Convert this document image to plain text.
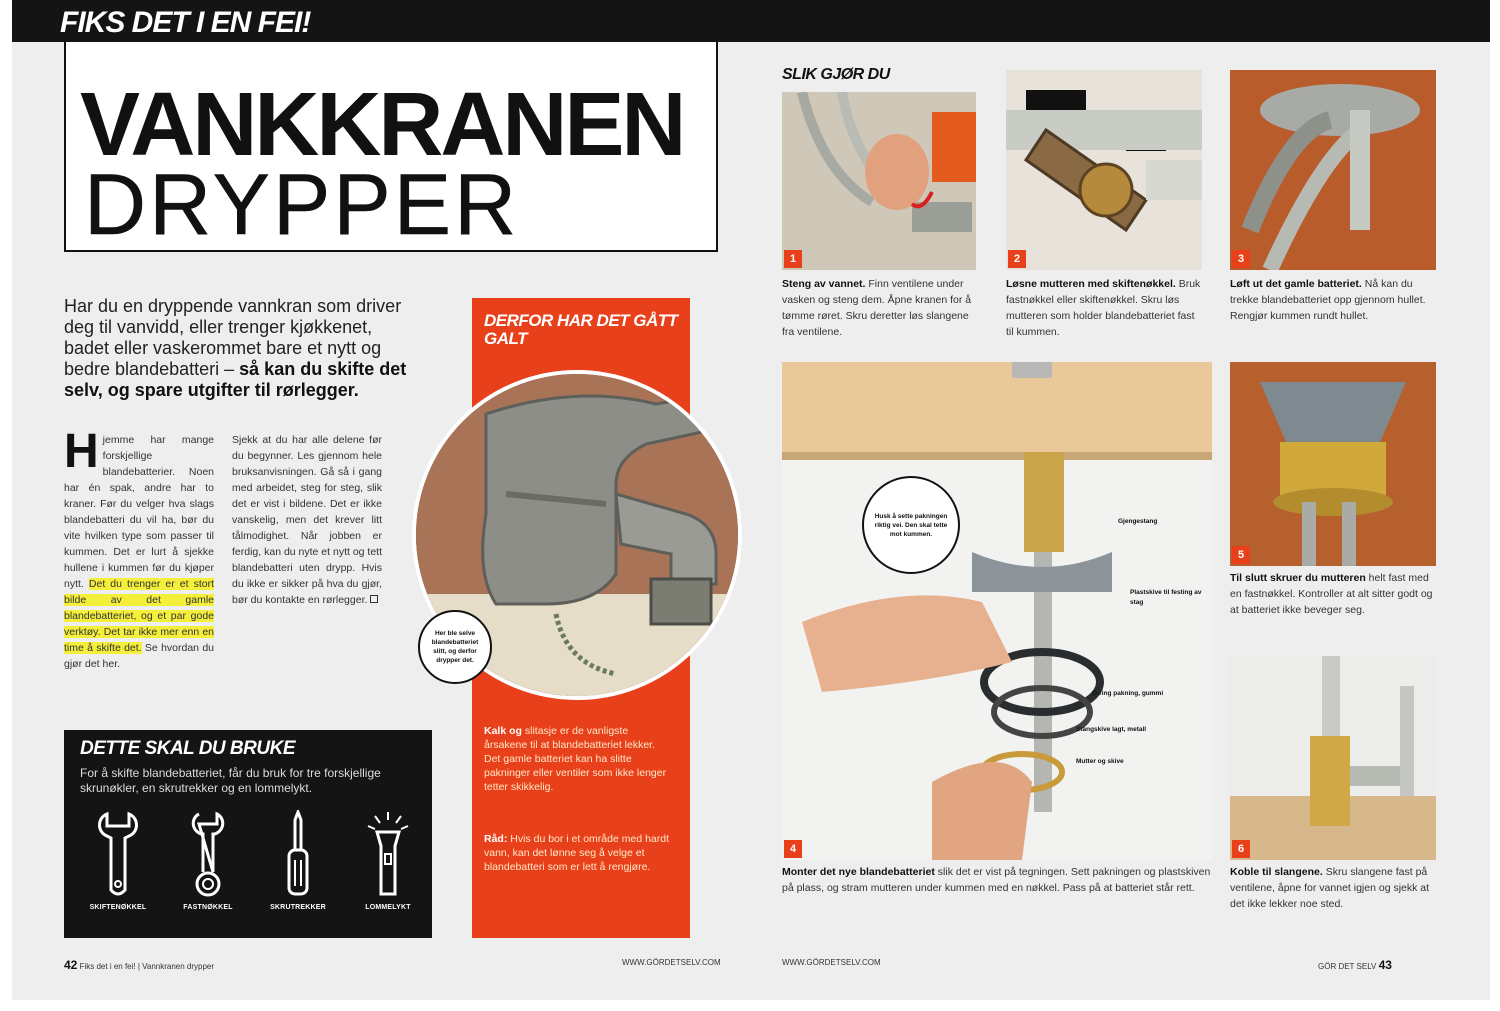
FIKS DET I EN FEI!
VANKKRANEN
DRYPPER
Har du en dryppende vannkran som driver deg til vanvidd, eller trenger kjøkkenet, badet eller vaskerommet bare et nytt og bedre blandebatteri – så kan du skifte det selv, og spare utgifter til rørlegger.
H jemme har mange forskjellige blandebatterier. Noen har én spak, andre har to kraner. Før du velger hva slags blandebatteri du vil ha, bør du vite hvilken type som passer til kummen. Det er lurt å sjekke hullene i kummen før du kjøper nytt. Det du trenger er et stort bilde av det gamle blandebatteriet, og et par gode verktøy. Det tar ikke mer enn en time å skifte det. Se hvordan du gjør det her.
Sjekk at du har alle delene før du begynner. Les gjennom hele bruksanvisningen. Gå så i gang med arbeidet, steg for steg, slik det er vist i bildene. Det er ikke vanskelig, men det krever litt tålmodighet. Når jobben er ferdig, kan du nyte et nytt og tett blandebatteri uten drypp. Hvis du ikke er sikker på hva du gjør, bør du kontakte en rørlegger.
DETTE SKAL DU BRUKE

For å skifte blandebatteriet, får du bruk for tre forskjellige skrunøkler, en skrutrekker og en lommelykt.

SKIFTENØKKEL	FASTNØKKEL	SKRUTREKKER	LOMMELYKT
DERFOR HAR DET GÅTT GALT
Her ble selve blandebatteriet slitt, og derfor drypper det.
Kalk og slitasje er de vanligste årsakene til at blandebatteriet lekker. Det gamle batteriet kan ha slitte pakninger eller ventiler som ikke lenger tetter skikkelig.
Råd: Hvis du bor i et område med hardt vann, kan det lønne seg å velge et blandebatteri som er lett å rengjøre.
SLIK GJØR DU
1
Steng av vannet. Finn ventilene under vasken og steng dem. Åpne kranen for å tømme røret. Skru deretter løs slangene fra ventilene.
2
Løsne mutteren med skiftenøkkel. Bruk fastnøkkel eller skiftenøkkel. Skru løs mutteren som holder blandebatteriet fast til kummen.
3
Løft ut det gamle batteriet. Nå kan du trekke blandebatteriet opp gjennom hullet. Rengjør kummen rundt hullet.
4
Husk å sette pakningen riktig vei. Den skal tette mot kummen.
Gjengestang
Plastskive til festing av stag
O-ring pakning, gummi
Stangskive lagt, metall
Mutter og skive
Monter det nye blandebatteriet slik det er vist på tegningen. Sett pakningen og plastskiven på plass, og stram mutteren under kummen med en nøkkel. Pass på at batteriet står rett.
5
Til slutt skruer du mutteren helt fast med en fastnøkkel. Kontroller at alt sitter godt og at batteriet ikke beveger seg.
6
Koble til slangene. Skru slangene fast på ventilene, åpne for vannet igjen og sjekk at det ikke lekker noe sted.
42 Fiks det i en fei! | Vannkranen drypper	WWW.GÖRDETSELV.COM	WWW.GÖRDETSELV.COM	GÖR DET SELV 43
